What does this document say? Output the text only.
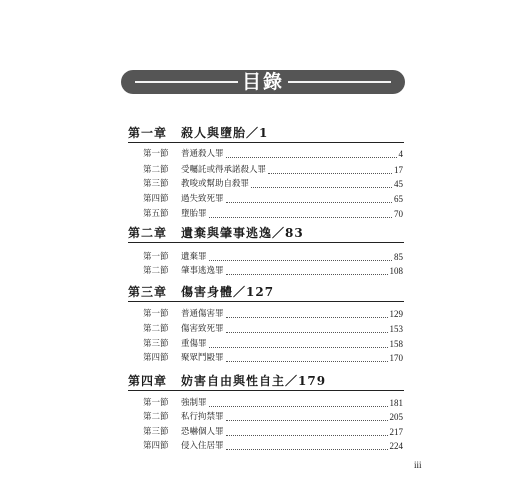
目錄
第一章 殺人與墮胎／1
第一節	普通殺人罪	4
第二節	受囑託或得承諾殺人罪	17
第三節	教唆或幫助自殺罪	45
第四節	過失致死罪	65
第五節	墮胎罪	70
第二章 遺棄與肇事逃逸／83
第一節	遺棄罪	85
第二節	肇事逃逸罪	108
第三章 傷害身體／127
第一節	普通傷害罪	129
第二節	傷害致死罪	153
第三節	重傷罪	158
第四節	聚眾鬥毆罪	170
第四章 妨害自由與性自主／179
第一節	強制罪	181
第二節	私行拘禁罪	205
第三節	恐嚇個人罪	217
第四節	侵入住居罪	224
iii
